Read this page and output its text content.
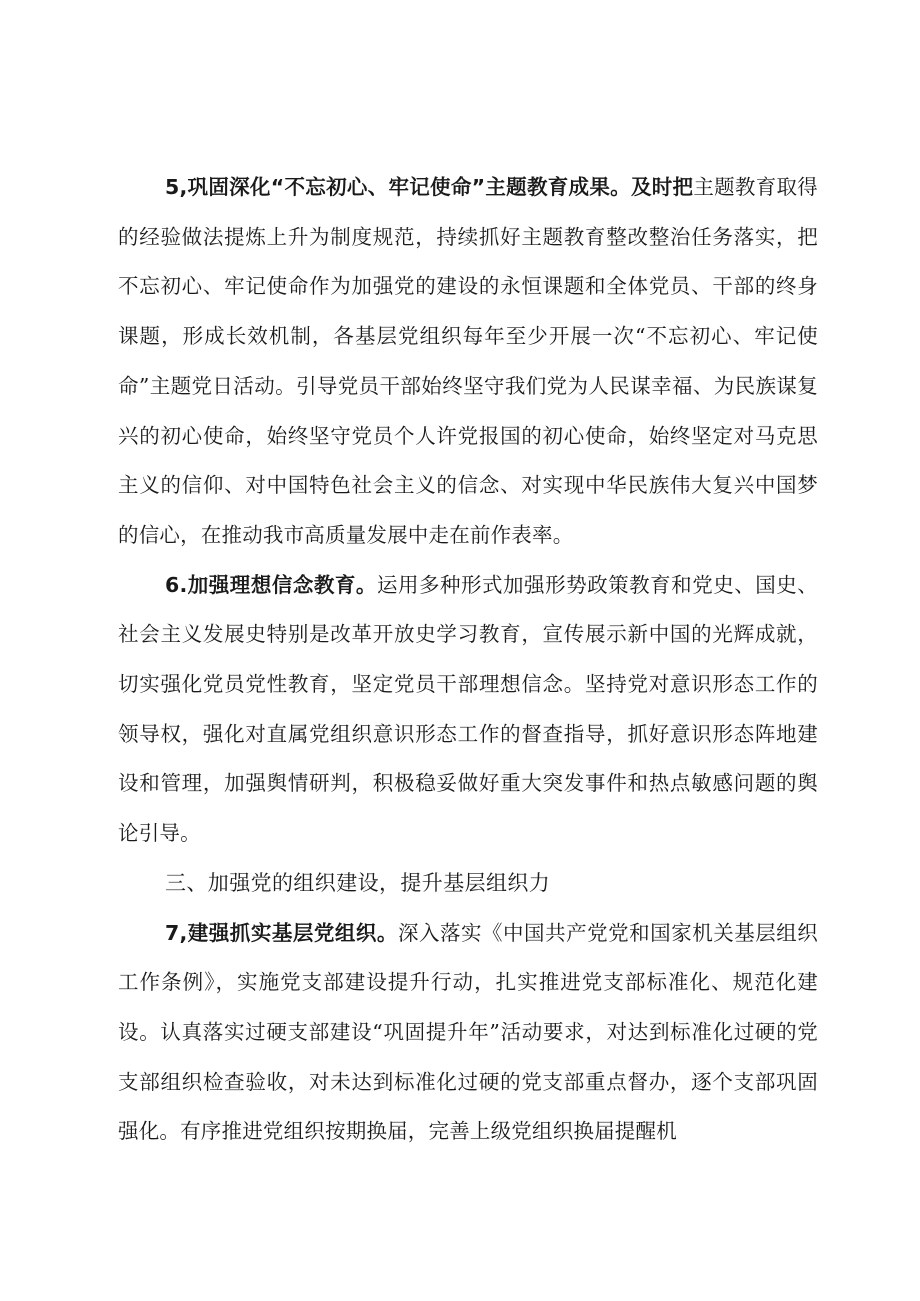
5,巩固深化“不忘初心、牢记使命”主题教育成果。及时把主题教育取得的经验做法提炼上升为制度规范，持续抓好主题教育整改整治任务落实，把不忘初心、牢记使命作为加强党的建设的永恒课题和全体党员、干部的终身课题，形成长效机制，各基层党组织每年至少开展一次“不忘初心、牢记使命”主题党日活动。引导党员干部始终坚守我们党为人民谋幸福、为民族谋复兴的初心使命，始终坚守党员个人许党报国的初心使命，始终坚定对马克思主义的信仰、对中国特色社会主义的信念、对实现中华民族伟大复兴中国梦的信心，在推动我市高质量发展中走在前作表率。

6.加强理想信念教育。运用多种形式加强形势政策教育和党史、国史、社会主义发展史特别是改革开放史学习教育，宣传展示新中国的光辉成就，切实强化党员党性教育，坚定党员干部理想信念。坚持党对意识形态工作的领导权，强化对直属党组织意识形态工作的督查指导，抓好意识形态阵地建设和管理，加强舆情研判，积极稳妥做好重大突发事件和热点敏感问题的舆论引导。

三、加强党的组织建设，提升基层组织力

7,建强抓实基层党组织。深入落实《中国共产党党和国家机关基层组织工作条例》，实施党支部建设提升行动，扎实推进党支部标准化、规范化建设。认真落实过硬支部建设“巩固提升年”活动要求，对达到标准化过硬的党支部组织检查验收，对未达到标准化过硬的党支部重点督办，逐个支部巩固强化。有序推进党组织按期换届，完善上级党组织换届提醒机
